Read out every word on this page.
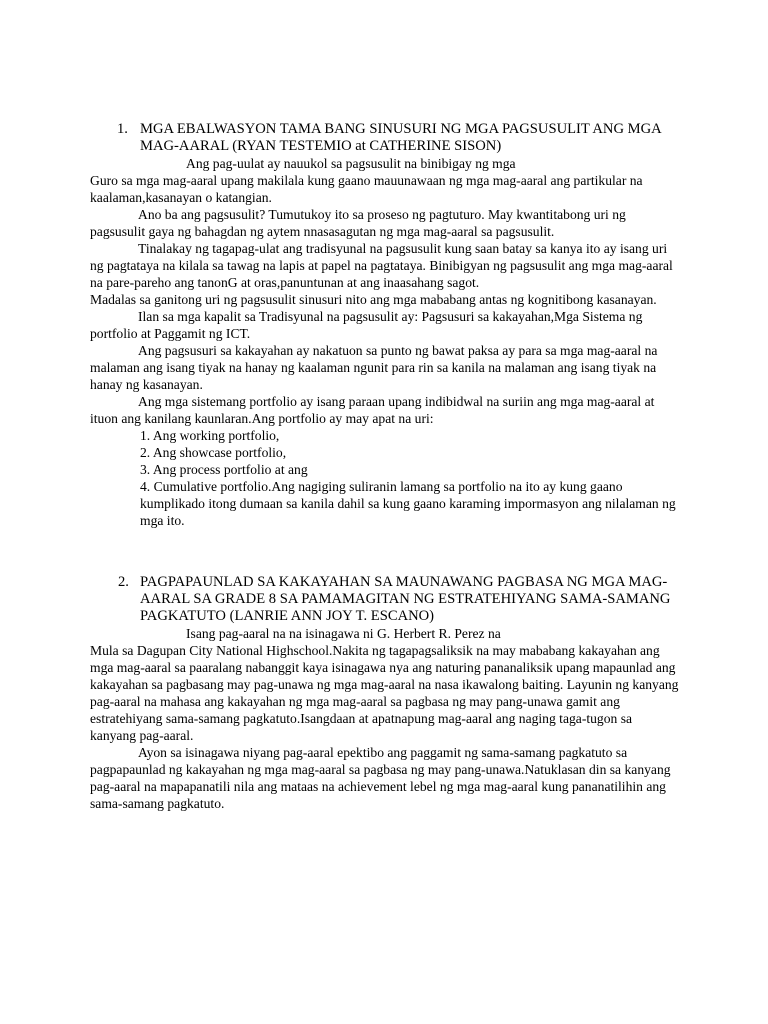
1. MGA EBALWASYON TAMA BANG SINUSURI NG MGA PAGSUSULIT ANG MGA MAG-AARAL (RYAN TESTEMIO at CATHERINE SISON)

Ang pag-uulat ay nauukol sa pagsusulit na binibigay ng mga

Guro sa mga mag-aaral upang makilala kung gaano mauunawaan ng mga mag-aaral ang partikular na kaalaman,kasanayan o katangian.

Ano ba ang pagsusulit? Tumutukoy ito sa proseso ng pagtuturo. May kwantitabong uri ng pagsusulit gaya ng bahagdan ng aytem nnasasagutan ng mga mag-aaral sa pagsusulit.

Tinalakay ng tagapag-ulat ang tradisyunal na pagsusulit kung saan batay sa kanya ito ay isang uri ng pagtataya na kilala sa tawag na lapis at papel na pagtataya. Binibigyan ng pagsusulit ang mga mag-aaral na pare-pareho ang tanonG at oras,panuntunan at ang inaasahang sagot.

Madalas sa ganitong uri ng pagsusulit sinusuri nito ang mga mababang antas ng kognitibong kasanayan.

Ilan sa mga kapalit sa Tradisyunal na pagsusulit ay: Pagsusuri sa kakayahan,Mga Sistema ng portfolio at Paggamit ng ICT.

Ang pagsusuri sa kakayahan ay nakatuon sa punto ng bawat paksa ay para sa mga mag-aaral na malaman ang isang tiyak na hanay ng kaalaman ngunit para rin sa kanila na malaman ang isang tiyak na hanay ng kasanayan.

Ang mga sistemang portfolio ay isang paraan upang indibidwal na suriin ang mga mag-aaral at ituon ang kanilang kaunlaran.Ang portfolio ay may apat na uri:

1. Ang working portfolio,
2. Ang showcase portfolio,
3. Ang process portfolio at ang
4. Cumulative portfolio.Ang nagiging suliranin lamang sa portfolio na ito ay kung gaano kumplikado itong dumaan sa kanila dahil sa kung gaano karaming impormasyon ang nilalaman ng mga ito.
2. PAGPAPAUNLAD SA KAKAYAHAN SA MAUNAWANG PAGBASA NG MGA MAG-AARAL SA GRADE 8 SA PAMAMAGITAN NG ESTRATEHIYANG SAMA-SAMANG PAGKATUTO (LANRIE ANN JOY T. ESCANO)

Isang pag-aaral na na isinagawa ni G. Herbert R. Perez na

Mula sa Dagupan City National Highschool.Nakita ng tagapagsaliksik na may mababang kakayahan ang mga mag-aaral sa paaralang nabanggit kaya isinagawa nya ang naturing pananaliksik upang mapaunlad ang kakayahan sa pagbasang may pag-unawa ng mga mag-aaral na nasa ikawalong baiting. Layunin ng kanyang pag-aaral na mahasa ang kakayahan ng mga mag-aaral sa pagbasa ng may pang-unawa gamit ang estratehiyang sama-samang pagkatuto.Isangdaan at apatnapung mag-aaral ang naging taga-tugon sa kanyang pag-aaral.

Ayon sa isinagawa niyang pag-aaral epektibo ang paggamit ng sama-samang pagkatuto sa pagpapaunlad ng kakayahan ng mga mag-aaral sa pagbasa ng may pang-unawa.Natuklasan din sa kanyang pag-aaral na mapapanatili nila ang mataas na achievement lebel ng mga mag-aaral kung pananatilihin ang sama-samang pagkatuto.
